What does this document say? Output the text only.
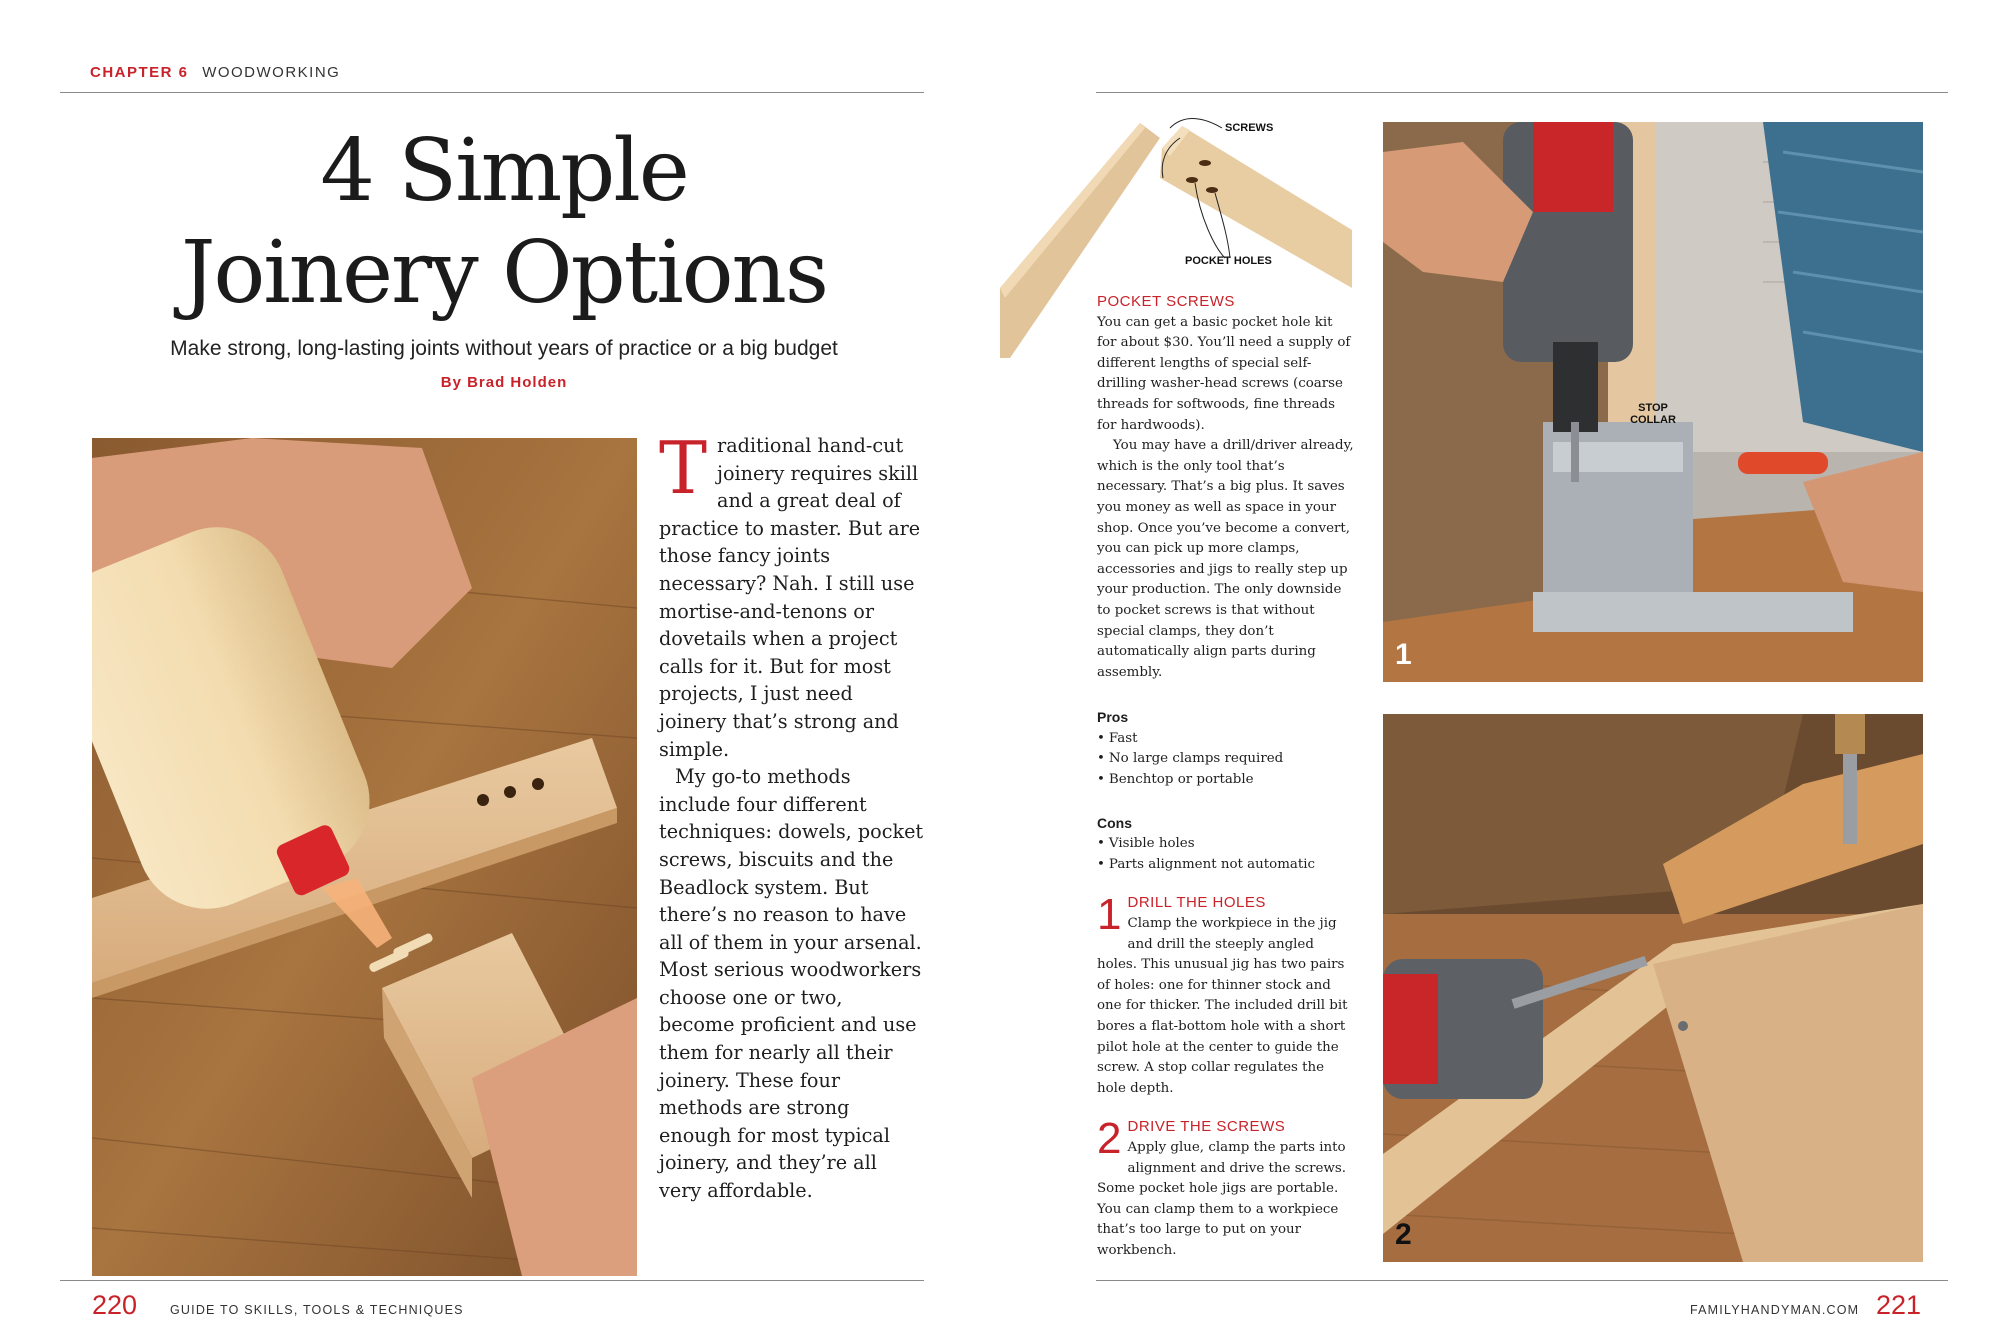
CHAPTER 6 WOODWORKING
4 Simple
Joinery Options
Make strong, long-lasting joints without years of practice or a big budget
By Brad Holden

Traditional hand-cut joinery requires skill and a great deal of practice to master. But are those fancy joints necessary? Nah. I still use mortise-and-tenons or dovetails when a project calls for it. But for most projects, I just need joinery that’s strong and simple.

My go-to methods include four different techniques: dowels, pocket screws, biscuits and the Beadlock system. But there’s no reason to have all of them in your arsenal. Most serious woodworkers choose one or two, become proficient and use them for nearly all their joinery. These four methods are strong enough for most typical joinery, and they’re all very affordable.

220	GUIDE TO SKILLS, TOOLS & TECHNIQUES
SCREWS
POCKET HOLES
POCKET SCREWS

You can get a basic pocket hole kit for about $30. You’ll need a supply of different lengths of special self-drilling washer-head screws (coarse threads for softwoods, fine threads for hardwoods).

You may have a drill/driver already, which is the only tool that’s necessary. That’s a big plus. It saves you money as well as space in your shop. Once you’ve become a convert, you can pick up more clamps, accessories and jigs to really step up your production. The only downside to pocket screws is that without special clamps, they don’t automatically align parts during assembly.

Pros
• Fast
• No large clamps required
• Benchtop or portable
Cons
• Visible holes
• Parts alignment not automatic
1 DRILL THE HOLES

Clamp the workpiece in the jig and drill the steeply angled holes. This unusual jig has two pairs of holes: one for thinner stock and one for thicker. The included drill bit bores a flat-bottom hole with a short pilot hole at the center to guide the screw. A stop collar regulates the hole depth.

2 DRIVE THE SCREWS

Apply glue, clamp the parts into alignment and drive the screws. Some pocket hole jigs are portable. You can clamp them to a workpiece that’s too large to put on your workbench.

1
STOP COLLAR
2
FAMILYHANDYMAN.COM 221
